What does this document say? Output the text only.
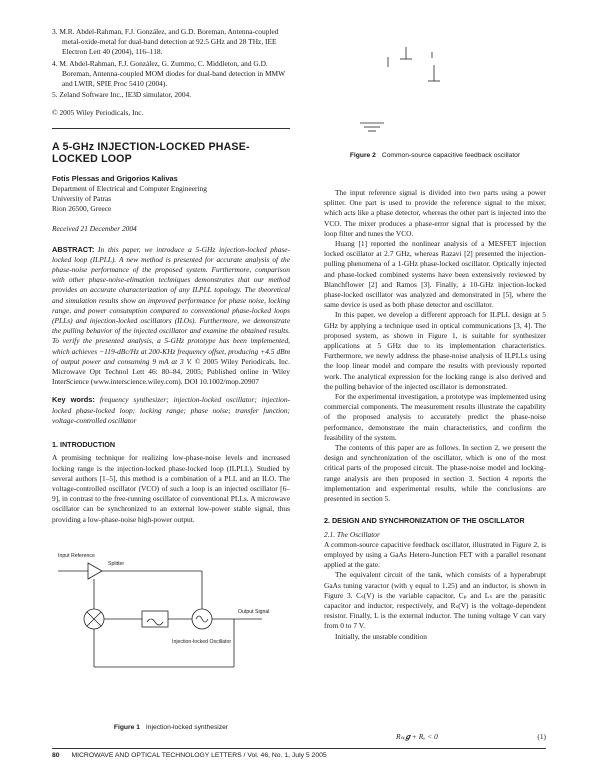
3. M.R. Abdel-Rahman, F.J. González, and G.D. Boreman, Antenna-coupled metal-oxide-metal for dual-band detection at 92.5 GHz and 28 THz, IEE Electron Lett 40 (2004), 116–118.

4. M. Abdel-Rahman, F.J. González, G. Zummo, C. Middleton, and G.D. Boreman, Antenna-coupled MOM diodes for dual-band detection in MMW and LWIR, SPIE Proc 5410 (2004).

5. Zeland Software Inc., IE3D simulator, 2004.

© 2005 Wiley Periodicals, Inc.

A 5-GHz INJECTION-LOCKED PHASE-LOCKED LOOP

Fotis Plessas and Grigorios Kalivas

Department of Electrical and Computer Engineering

University of Patras

Rion 26500, Greece

Received 21 December 2004

ABSTRACT: In this paper, we introduce a 5-GHz injection-locked phase-locked loop (ILPLL). A new method is presented for accurate analysis of the phase-noise performance of the proposed system. Furthermore, comparison with other phase-noise-elimation techniques demonstrates that our method provides an accurate characterization of any ILPLL topology. The theoretical and simulation results show an improved performance for phase noise, locking range, and power consumption compared to conventional phase-locked loops (PLLs) and injection-locked oscillators (ILOs). Furthermore, we demonstrate the pulling behavior of the injected oscillator and examine the obtained results. To verify the presented analysis, a 5-GHz prototype has been implemented, which achieves −119-dBc/Hz at 200-KHz frequency offset, producing +4.5 dBm of output power and consuming 9 mA at 3 V. © 2005 Wiley Periodicals, Inc. Microwave Opt Technol Lett 46: 80–84, 2005; Published online in Wiley InterScience (www.interscience.wiley.com). DOI 10.1002/mop.20907

Key words: frequency synthesizer; injection-locked oscillator; injection-locked phase-locked loop; locking range; phase noise; transfer function; voltage-controlled oscillator

1. INTRODUCTION

A promising technique for realizing low-phase-noise levels and increased locking range is the injection-locked phase-locked loop (ILPLL). Studied by several authors [1–5], this method is a combination of a PLL and an ILO. The voltage-controlled oscillator (VCO) of such a loop is an injected oscillator [6–9], in contrast to the free-running oscillator of conventional PLLs. A microwave oscillator can be synchronized to an external low-power stable signal, thus providing a low-phase-noise high-power output.

Input Reference
Splitter
Injection-locked Oscillator
Output Signal
Figure 1 Injection-locked synthesizer
Figure 2 Common-source capacitive feedback oscillator

The input reference signal is divided into two parts using a power splitter. One part is used to provide the reference signal to the mixer, which acts like a phase detector, whereas the other part is injected into the VCO. The mixer produces a phase-error signal that is processed by the loop filter and tunes the VCO.

Huang [1] reported the nonlinear analysis of a MESFET injection locked oscillator at 2.7 GHz, whereas Razavi [2] presented the injection-pulling phenomena of a 1-GHz phase-locked oscillator. Optically injected and phase-locked combined systems have been extensively reviewed by Blanchflower [2] and Ramos [3]. Finally, a 10-GHz injection-locked phase-locked oscillator was analyzed and demonstrated in [5], where the same device is used as both phase detector and oscillator.

In this paper, we develop a different approach for ILPLL design at 5 GHz by applying a technique used in optical communications [3, 4]. The proposed system, as shown in Figure 1, is suitable for synthesizer applications at 5 GHz due to its implementation characteristics. Furthermore, we newly address the phase-noise analysis of ILPLLs using the loop linear model and compare the results with previously reported work. The analytical expression for the locking range is also derived and the pulling behavior of the injected oscillator is demonstrated.

For the experimental investigation, a prototype was implemented using commercial components. The measurement results illustrate the capability of the proposed analysis to accurately predict the phase-noise performance, demonstrate the main characteristics, and confirm the feasibility of the system.

The contents of this paper are as follows. In section 2, we present the design and synchronization of the oscillator, which is one of the most critical parts of the proposed circuit. The phase-noise model and locking-range analysis are then proposed in section 3. Section 4 reports the implementation and experimental results, while the conclusions are presented in section 5.

2. DESIGN AND SYNCHRONIZATION OF THE OSCILLATOR

2.1. The Oscillator

A common-source capacitive feedback oscillator, illustrated in Figure 2, is employed by using a GaAs Hetero-Junction FET with a parallel resonant applied at the gate.

The equivalent circuit of the tank, which consists of a hyperabrupt GaAs tuning varactor (with γ equal to 1.25) and an inductor, is shown in Figure 3. Cₛ(V) is the variable capacitor, Cₚ and Lₛ are the parasitic capacitor and inductor, respectively, and Rₛ(V) is the voltage-dependent resistor. Finally, L is the external inductor. The tuning voltage V can vary from 0 to 7 V.

Initially, the unstable condition

Rₙₑ𝒈 + Rₒ < 0	(1)
80 MICROWAVE AND OPTICAL TECHNOLOGY LETTERS / Vol. 46, No. 1, July 5 2005
